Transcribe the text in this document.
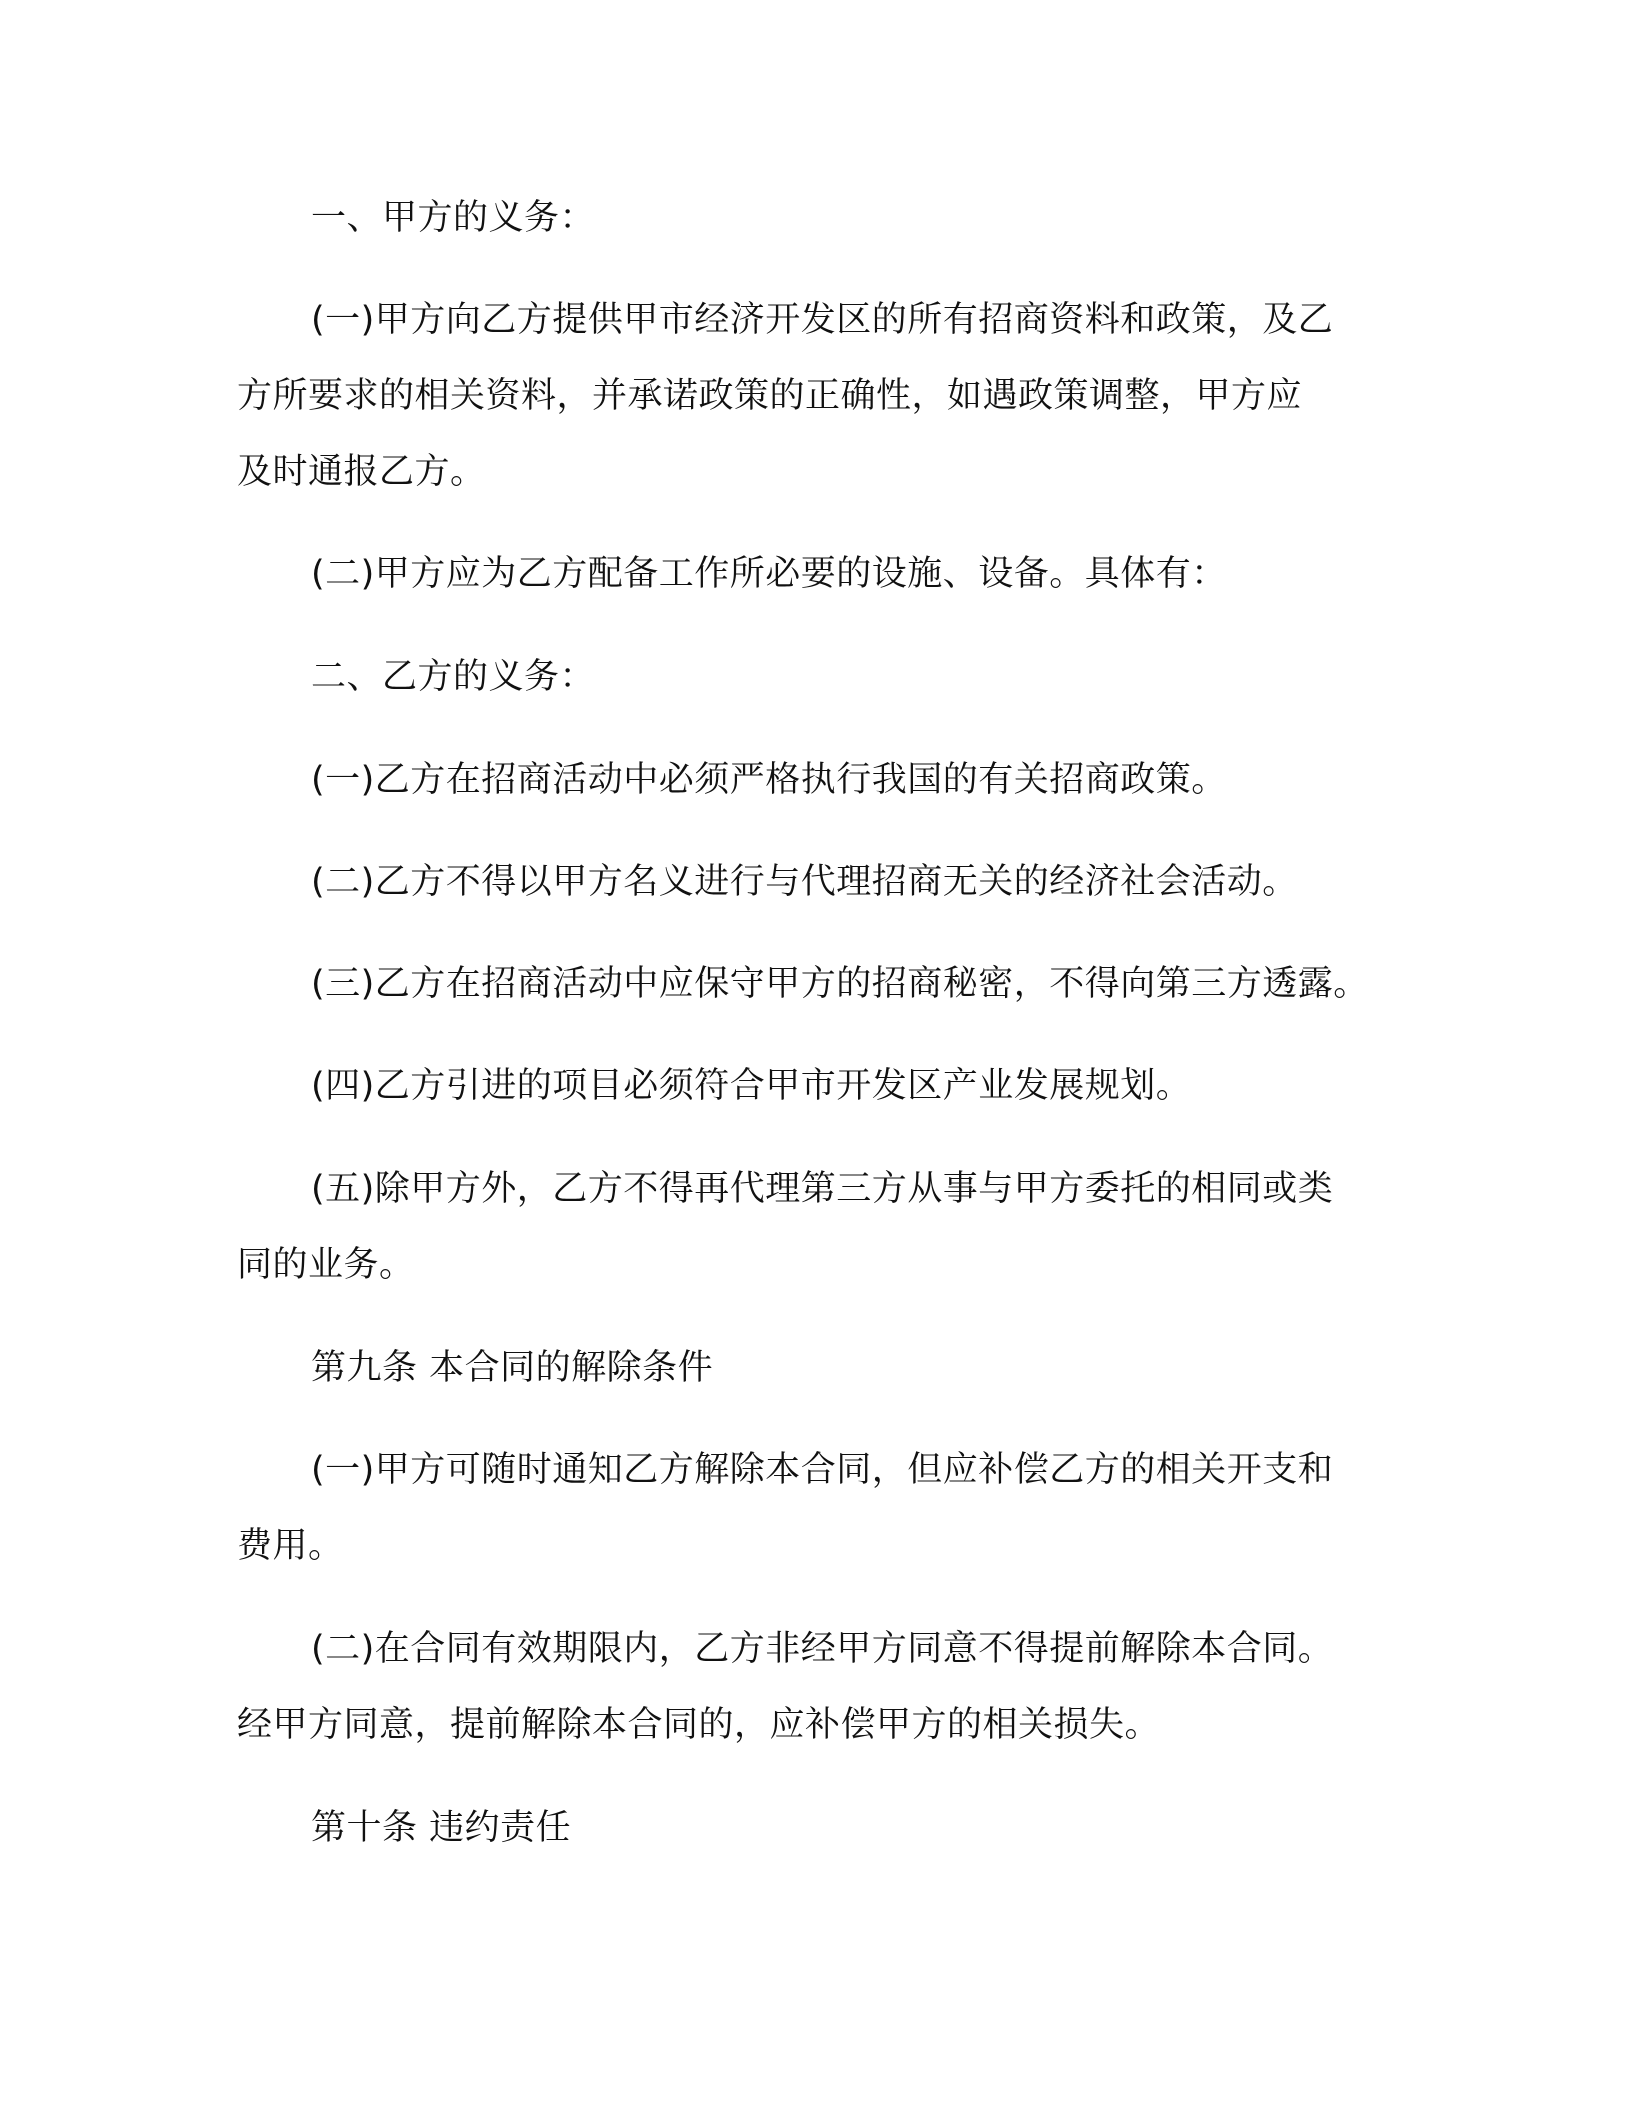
一、甲方的义务：
(一)甲方向乙方提供甲市经济开发区的所有招商资料和政策，及乙
方所要求的相关资料，并承诺政策的正确性，如遇政策调整，甲方应
及时通报乙方。
(二)甲方应为乙方配备工作所必要的设施、设备。具体有：
二、乙方的义务：
(一)乙方在招商活动中必须严格执行我国的有关招商政策。
(二)乙方不得以甲方名义进行与代理招商无关的经济社会活动。
(三)乙方在招商活动中应保守甲方的招商秘密，不得向第三方透露。
(四)乙方引进的项目必须符合甲市开发区产业发展规划。
(五)除甲方外，乙方不得再代理第三方从事与甲方委托的相同或类
同的业务。
第九条 本合同的解除条件
(一)甲方可随时通知乙方解除本合同，但应补偿乙方的相关开支和
费用。
(二)在合同有效期限内，乙方非经甲方同意不得提前解除本合同。
经甲方同意，提前解除本合同的，应补偿甲方的相关损失。
第十条 违约责任
